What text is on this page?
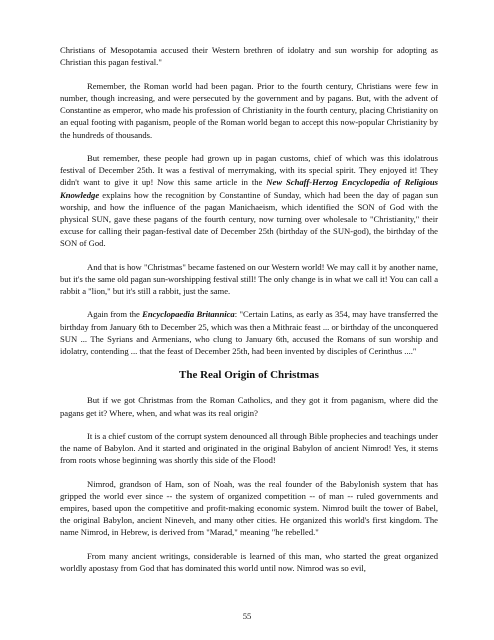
Christians of Mesopotamia accused their Western brethren of idolatry and sun worship for adopting as Christian this pagan festival."

Remember, the Roman world had been pagan. Prior to the fourth century, Christians were few in number, though increasing, and were persecuted by the government and by pagans. But, with the advent of Constantine as emperor, who made his profession of Christianity in the fourth century, placing Christianity on an equal footing with paganism, people of the Roman world began to accept this now-popular Christianity by the hundreds of thousands.

But remember, these people had grown up in pagan customs, chief of which was this idolatrous festival of December 25th. It was a festival of merrymaking, with its special spirit. They enjoyed it! They didn't want to give it up! Now this same article in the New Schaff-Herzog Encyclopedia of Religious Knowledge explains how the recognition by Constantine of Sunday, which had been the day of pagan sun worship, and how the influence of the pagan Manichaeism, which identified the SON of God with the physical SUN, gave these pagans of the fourth century, now turning over wholesale to "Christianity," their excuse for calling their pagan-festival date of December 25th (birthday of the SUN-god), the birthday of the SON of God.

And that is how "Christmas" became fastened on our Western world! We may call it by another name, but it's the same old pagan sun-worshipping festival still! The only change is in what we call it! You can call a rabbit a "lion," but it's still a rabbit, just the same.

Again from the Encyclopaedia Britannica: "Certain Latins, as early as 354, may have transferred the birthday from January 6th to December 25, which was then a Mithraic feast ... or birthday of the unconquered SUN ... The Syrians and Armenians, who clung to January 6th, accused the Romans of sun worship and idolatry, contending ... that the feast of December 25th, had been invented by disciples of Cerinthus ...."

The Real Origin of Christmas

But if we got Christmas from the Roman Catholics, and they got it from paganism, where did the pagans get it? Where, when, and what was its real origin?

It is a chief custom of the corrupt system denounced all through Bible prophecies and teachings under the name of Babylon. And it started and originated in the original Babylon of ancient Nimrod! Yes, it stems from roots whose beginning was shortly this side of the Flood!

Nimrod, grandson of Ham, son of Noah, was the real founder of the Babylonish system that has gripped the world ever since -- the system of organized competition -- of man -- ruled governments and empires, based upon the competitive and profit-making economic system. Nimrod built the tower of Babel, the original Babylon, ancient Nineveh, and many other cities. He organized this world's first kingdom. The name Nimrod, in Hebrew, is derived from "Marad," meaning "he rebelled."

From many ancient writings, considerable is learned of this man, who started the great organized worldly apostasy from God that has dominated this world until now. Nimrod was so evil,

55
